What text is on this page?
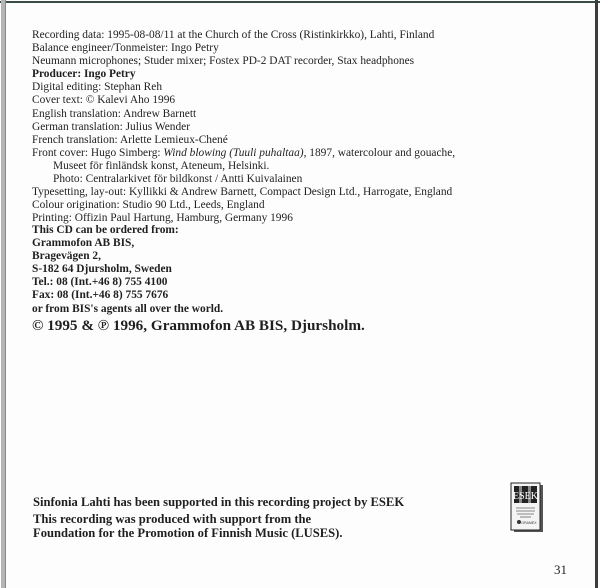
Recording data: 1995-08-08/11 at the Church of the Cross (Ristinkirkko), Lahti, Finland
Balance engineer/Tonmeister: Ingo Petry
Neumann microphones; Studer mixer; Fostex PD-2 DAT recorder, Stax headphones
Producer: Ingo Petry
Digital editing: Stephan Reh
Cover text: © Kalevi Aho 1996
English translation: Andrew Barnett
German translation: Julius Wender
French translation: Arlette Lemieux-Chené
Front cover: Hugo Simberg: Wind blowing (Tuuli puhaltaa), 1897, watercolour and gouache,
Museet för finländsk konst, Ateneum, Helsinki.
Photo: Centralarkivet för bildkonst / Antti Kuivalainen
Typesetting, lay-out: Kyllikki & Andrew Barnett, Compact Design Ltd., Harrogate, England
Colour origination: Studio 90 Ltd., Leeds, England
Printing: Offizin Paul Hartung, Hamburg, Germany 1996
This CD can be ordered from:
Grammofon AB BIS,
Bragevägen 2,
S-182 64 Djursholm, Sweden
Tel.: 08 (Int.+46 8) 755 4100
Fax: 08 (Int.+46 8) 755 7676
or from BIS's agents all over the world.
© 1995 & ℗ 1996, Grammofon AB BIS, Djursholm.
Sinfonia Lahti has been supported in this recording project by ESEK
This recording was produced with support from the
Foundation for the Promotion of Finnish Music (LUSES).
ESEK
GRAMEX
31
